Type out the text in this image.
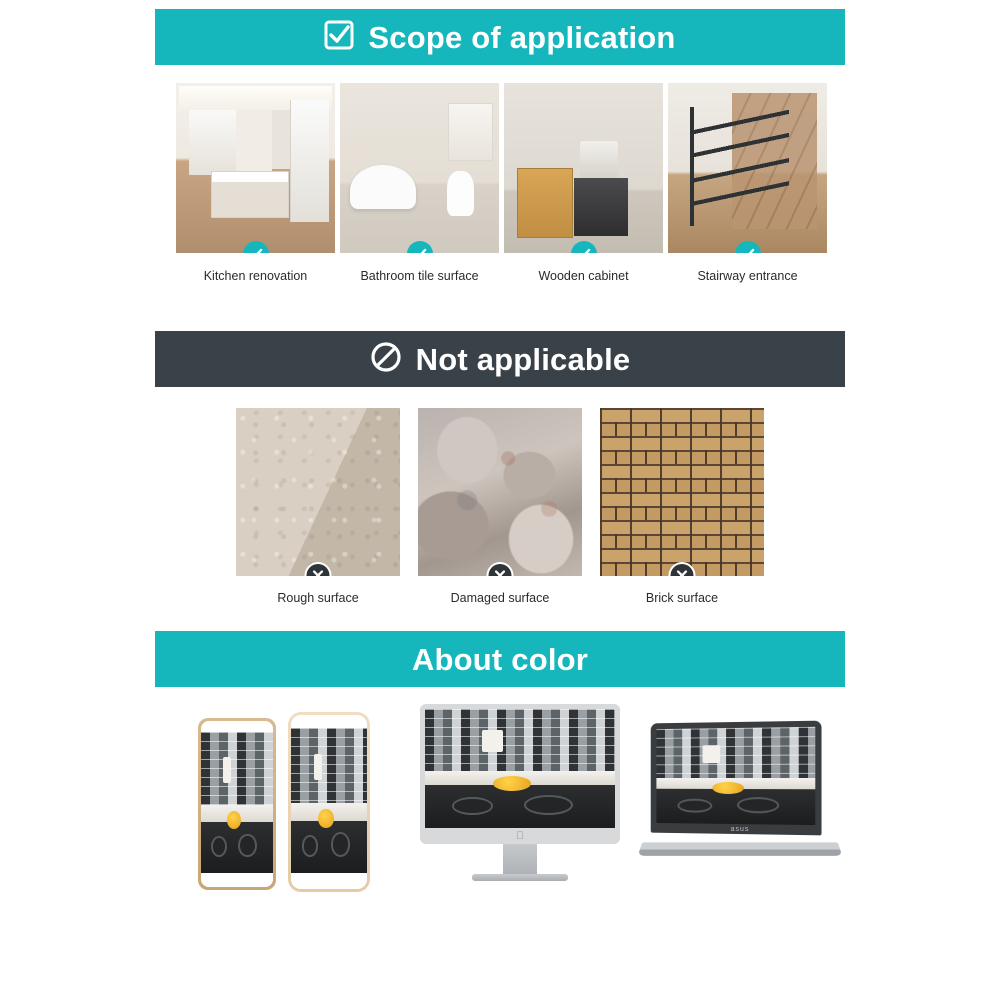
Scope of application
Kitchen renovation	Bathroom tile surface	Wooden cabinet	Stairway entrance
Not applicable
Rough surface	Damaged surface	Brick surface
About color
asus
